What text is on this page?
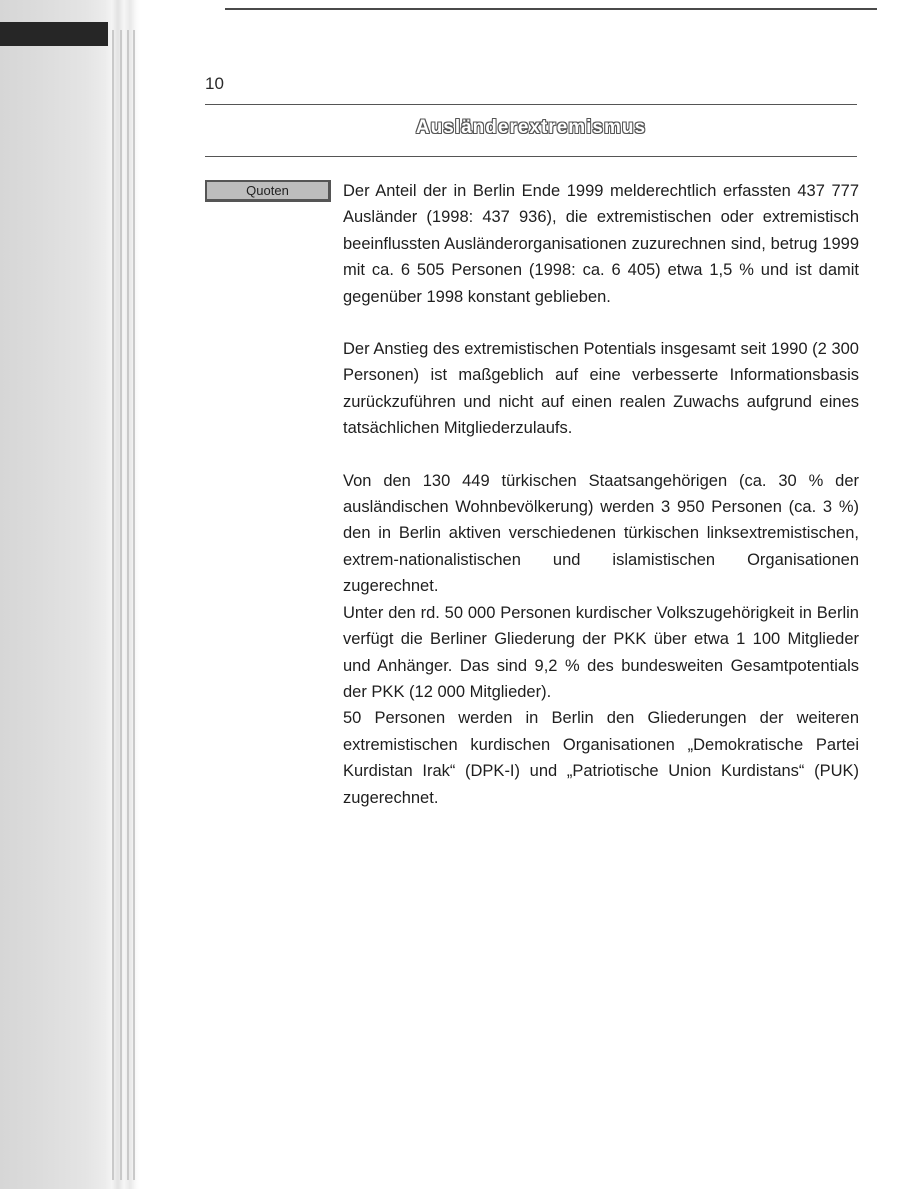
10
Ausländerextremismus
Quoten	Der Anteil der in Berlin Ende 1999 melderechtlich erfassten 437 777 Ausländer (1998: 437 936), die extremistischen oder extremistisch beeinflussten Ausländerorganisationen zuzurechnen sind, betrug 1999 mit ca. 6 505 Personen (1998: ca. 6 405) etwa 1,5 % und ist damit gegenüber 1998 konstant geblieben.

Der Anstieg des extremistischen Potentials insgesamt seit 1990 (2 300 Personen) ist maßgeblich auf eine verbesserte Informationsbasis zurückzuführen und nicht auf einen realen Zuwachs aufgrund eines tatsächlichen Mitgliederzulaufs.

Von den 130 449 türkischen Staatsangehörigen (ca. 30 % der ausländischen Wohnbevölkerung) werden 3 950 Personen (ca. 3 %) den in Berlin aktiven verschiedenen türkischen linksextremistischen, extrem-nationalistischen und islamistischen Organisationen zugerechnet.

Unter den rd. 50 000 Personen kurdischer Volkszugehörigkeit in Berlin verfügt die Berliner Gliederung der PKK über etwa 1 100 Mitglieder und Anhänger. Das sind 9,2 % des bundesweiten Gesamtpotentials der PKK (12 000 Mitglieder).

50 Personen werden in Berlin den Gliederungen der weiteren extremistischen kurdischen Organisationen „Demokratische Partei Kurdistan Irak“ (DPK-I) und „Patriotische Union Kurdistans“ (PUK) zugerechnet.
